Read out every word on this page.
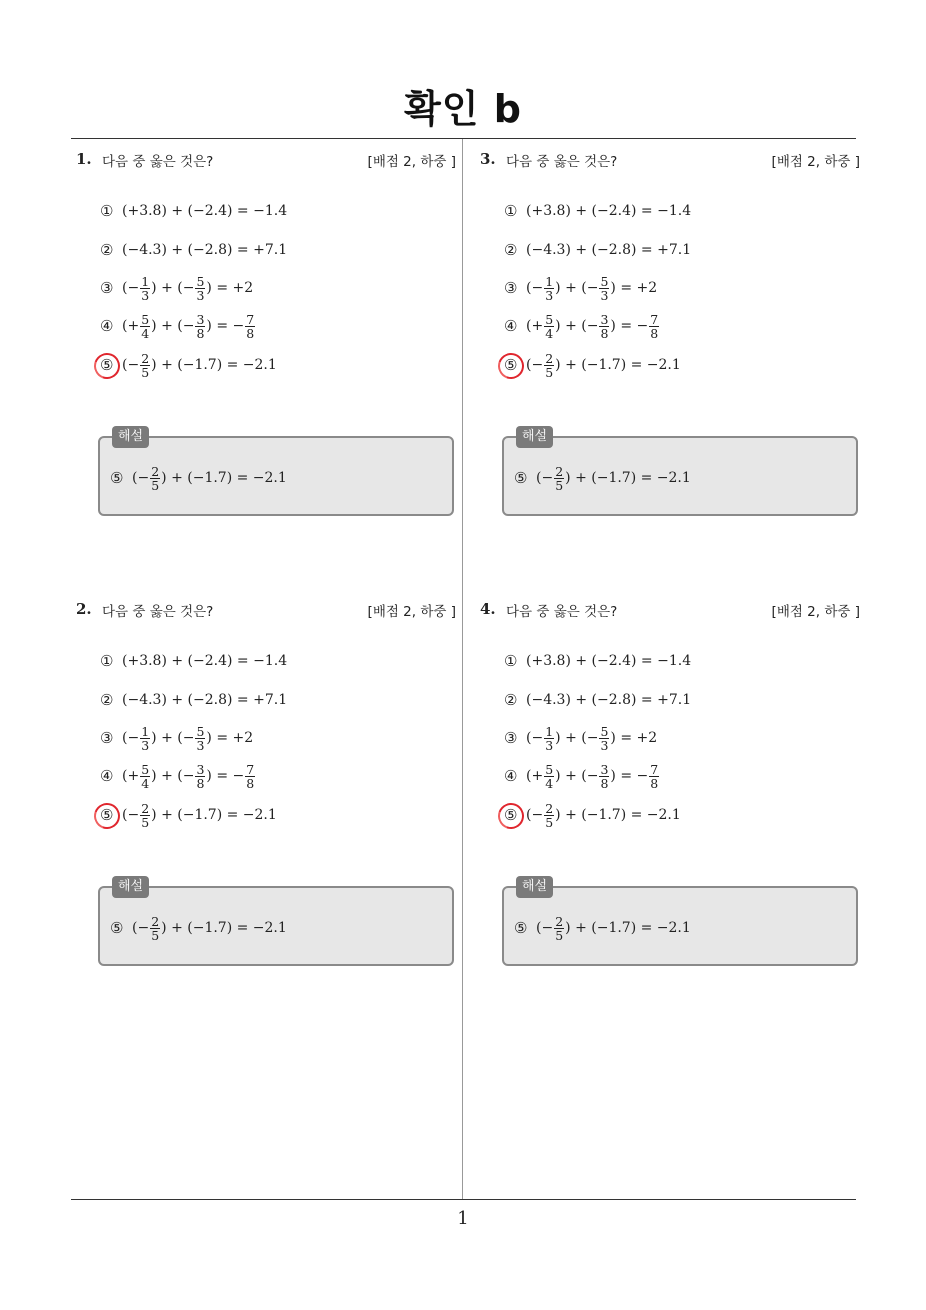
확인 b
1
1. 다음 중 옳은 것은?	[배점 2, 하중 ]
① (+3.8) + (−2.4) = −1.4
② (−4.3) + (−2.8) = +7.1
③ (− $\frac{1}{3}$ ) + (− $\frac{5}{3}$ ) = +2
④ (+ $\frac{5}{4}$ ) + (− $\frac{3}{8}$ ) = − $\frac{7}{8}$
⑤ (− $\frac{2}{5}$ ) + (−1.7) = −2.1
해설
⑤ (− $\frac{2}{5}$ ) + (−1.7) = −2.1
2. 다음 중 옳은 것은?	[배점 2, 하중 ]
① (+3.8) + (−2.4) = −1.4
② (−4.3) + (−2.8) = +7.1
③ (− $\frac{1}{3}$ ) + (− $\frac{5}{3}$ ) = +2
④ (+ $\frac{5}{4}$ ) + (− $\frac{3}{8}$ ) = − $\frac{7}{8}$
⑤ (− $\frac{2}{5}$ ) + (−1.7) = −2.1
해설
⑤ (− $\frac{2}{5}$ ) + (−1.7) = −2.1
3. 다음 중 옳은 것은?	[배점 2, 하중 ]
① (+3.8) + (−2.4) = −1.4
② (−4.3) + (−2.8) = +7.1
③ (− $\frac{1}{3}$ ) + (− $\frac{5}{3}$ ) = +2
④ (+ $\frac{5}{4}$ ) + (− $\frac{3}{8}$ ) = − $\frac{7}{8}$
⑤ (− $\frac{2}{5}$ ) + (−1.7) = −2.1
해설
⑤ (− $\frac{2}{5}$ ) + (−1.7) = −2.1
4. 다음 중 옳은 것은?	[배점 2, 하중 ]
① (+3.8) + (−2.4) = −1.4
② (−4.3) + (−2.8) = +7.1
③ (− $\frac{1}{3}$ ) + (− $\frac{5}{3}$ ) = +2
④ (+ $\frac{5}{4}$ ) + (− $\frac{3}{8}$ ) = − $\frac{7}{8}$
⑤ (− $\frac{2}{5}$ ) + (−1.7) = −2.1
해설
⑤ (− $\frac{2}{5}$ ) + (−1.7) = −2.1
